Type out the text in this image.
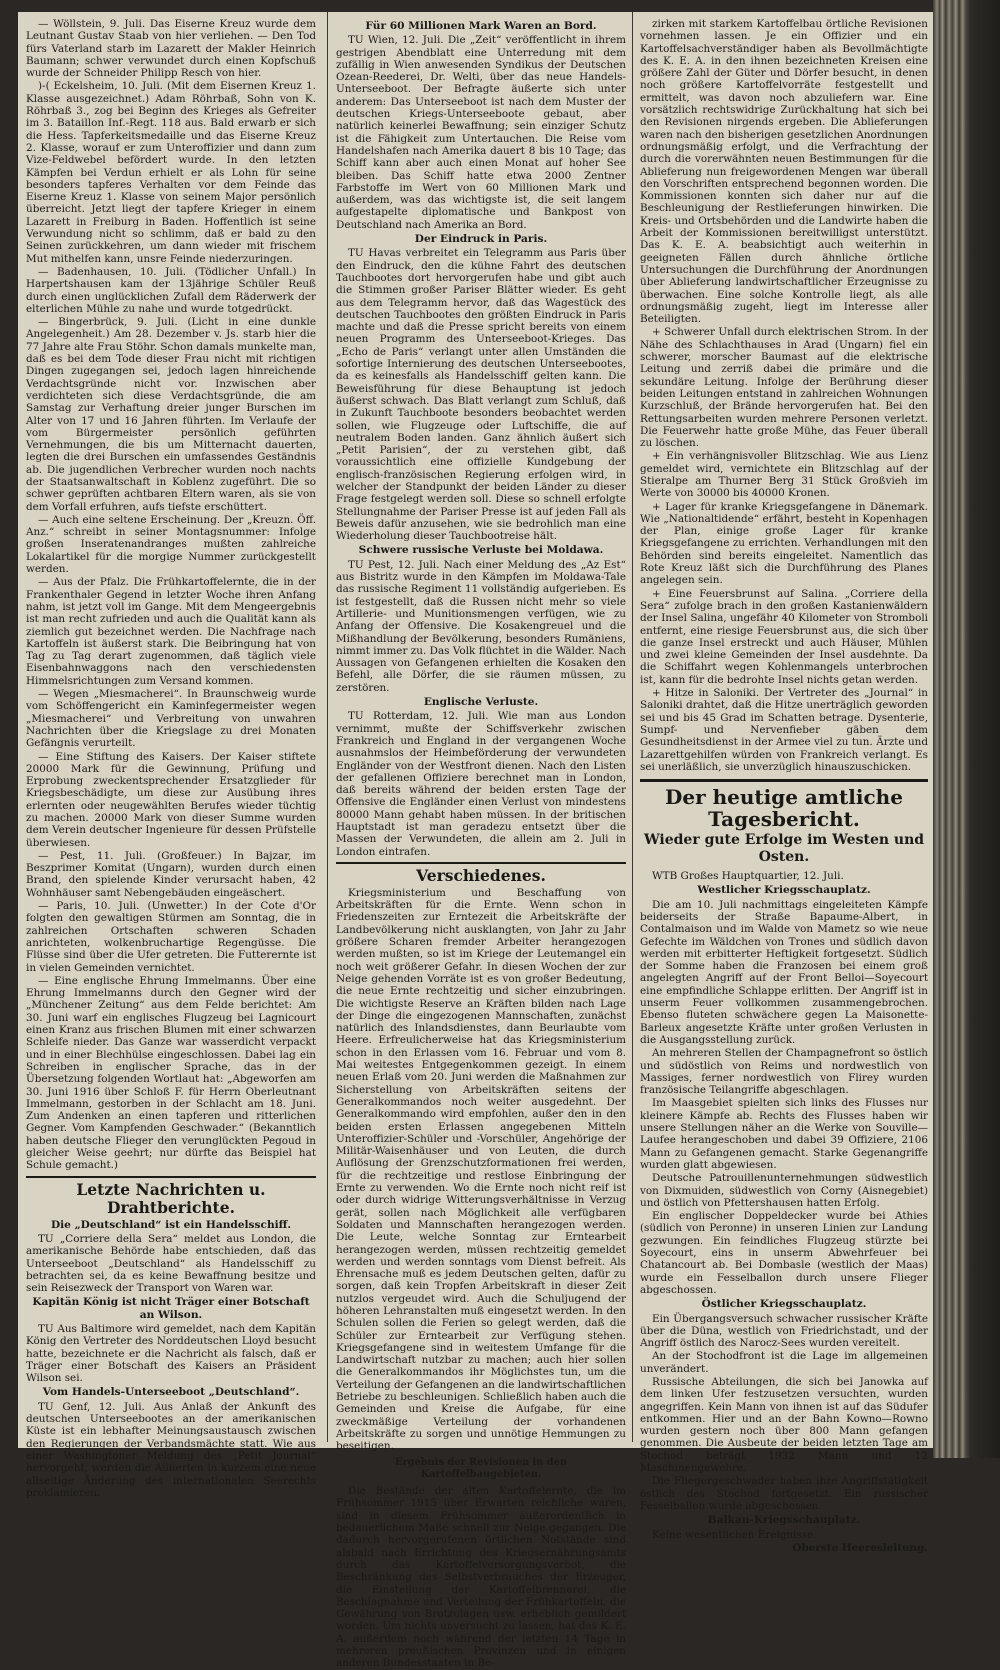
— Wöllstein, 9. Juli. Das Eiserne Kreuz wurde dem Leutnant Gustav Staab von hier verliehen. — Den Tod fürs Vaterland starb im Lazarett der Makler Heinrich Baumann; schwer verwundet durch einen Kopfschuß wurde der Schneider Philipp Resch von hier.

)-( Eckelsheim, 10. Juli. (Mit dem Eisernen Kreuz 1. Klasse ausgezeichnet.) Adam Röhrbaß, Sohn von K. Röhrbaß 3., zog bei Beginn des Krieges als Gefreiter im 3. Bataillon Inf.-Regt. 118 aus. Bald erwarb er sich die Hess. Tapferkeitsmedaille und das Eiserne Kreuz 2. Klasse, worauf er zum Unteroffizier und dann zum Vize-Feldwebel befördert wurde. In den letzten Kämpfen bei Verdun erhielt er als Lohn für seine besonders tapferes Verhalten vor dem Feinde das Eiserne Kreuz 1. Klasse von seinem Major persönlich überreicht. Jetzt liegt der tapfere Krieger in einem Lazarett in Freiburg in Baden. Hoffentlich ist seine Verwundung nicht so schlimm, daß er bald zu den Seinen zurückkehren, um dann wieder mit frischem Mut mithelfen kann, unsre Feinde niederzuringen.

— Badenhausen, 10. Juli. (Tödlicher Unfall.) In Harpertshausen kam der 13jährige Schüler Reuß durch einen unglücklichen Zufall dem Räderwerk der elterlichen Mühle zu nahe und wurde totgedrückt.

— Bingerbrück, 9. Juli. (Licht in eine dunkle Angelegenheit.) Am 28. Dezember v. Js. starb hier die 77 Jahre alte Frau Stöhr. Schon damals munkelte man, daß es bei dem Tode dieser Frau nicht mit richtigen Dingen zugegangen sei, jedoch lagen hinreichende Verdachtsgründe nicht vor. Inzwischen aber verdichteten sich diese Verdachtsgründe, die am Samstag zur Verhaftung dreier junger Burschen im Alter von 17 und 16 Jahren führten. Im Verlaufe der vom Bürgermeister persönlich geführten Vernehmungen, die bis um Mitternacht dauerten, legten die drei Burschen ein umfassendes Geständnis ab. Die jugendlichen Verbrecher wurden noch nachts der Staatsanwaltschaft in Koblenz zugeführt. Die so schwer geprüften achtbaren Eltern waren, als sie von dem Vorfall erfuhren, aufs tiefste erschüttert.

— Auch eine seltene Erscheinung. Der „Kreuzn. Öff. Anz.“ schreibt in seiner Montagsnummer: Infolge großen Inseratenandranges mußten zahlreiche Lokalartikel für die morgige Nummer zurückgestellt werden.

— Aus der Pfalz. Die Frühkartoffelernte, die in der Frankenthaler Gegend in letzter Woche ihren Anfang nahm, ist jetzt voll im Gange. Mit dem Mengeergebnis ist man recht zufrieden und auch die Qualität kann als ziemlich gut bezeichnet werden. Die Nachfrage nach Kartoffeln ist äußerst stark. Die Beibringung hat von Tag zu Tag derart zugenommen, daß täglich viele Eisenbahnwaggons nach den verschiedensten Himmelsrichtungen zum Versand kommen.

— Wegen „Miesmacherei“. In Braunschweig wurde vom Schöffengericht ein Kaminfegermeister wegen „Miesmacherei“ und Verbreitung von unwahren Nachrichten über die Kriegslage zu drei Monaten Gefängnis verurteilt.

— Eine Stiftung des Kaisers. Der Kaiser stiftete 20000 Mark für die Gewinnung, Prüfung und Erprobung zweckentsprechender Ersatzglieder für Kriegsbeschädigte, um diese zur Ausübung ihres erlernten oder neugewählten Berufes wieder tüchtig zu machen. 20000 Mark von dieser Summe wurden dem Verein deutscher Ingenieure für dessen Prüfstelle überwiesen.

— Pest, 11. Juli. (Großfeuer.) In Bajzar, im Beszprimer Komitat (Ungarn), wurden durch einen Brand, den spielende Kinder verursacht haben, 42 Wohnhäuser samt Nebengebäuden eingeäschert.

— Paris, 10. Juli. (Unwetter.) In der Cote d'Or folgten den gewaltigen Stürmen am Sonntag, die in zahlreichen Ortschaften schweren Schaden anrichteten, wolkenbruchartige Regengüsse. Die Flüsse sind über die Ufer getreten. Die Futterernte ist in vielen Gemeinden vernichtet.

— Eine englische Ehrung Immelmanns. Über eine Ehrung Immelmanns durch den Gegner wird der „Münchener Zeitung“ aus dem Felde berichtet: Am 30. Juni warf ein englisches Flugzeug bei Lagnicourt einen Kranz aus frischen Blumen mit einer schwarzen Schleife nieder. Das Ganze war wasserdicht verpackt und in einer Blechhülse eingeschlossen. Dabei lag ein Schreiben in englischer Sprache, das in der Übersetzung folgenden Wortlaut hat: „Abgeworfen am 30. Juni 1916 über Schloß F. für Herrn Oberleutnant Immelmann, gestorben in der Schlacht am 18. Juni. Zum Andenken an einen tapferen und ritterlichen Gegner. Vom Kampfenden Geschwader.“ (Bekanntlich haben deutsche Flieger den verunglückten Pegoud in gleicher Weise geehrt; nur dürfte das Beispiel hat Schule gemacht.)

Letzte Nachrichten u. Drahtberichte.
Die „Deutschland“ ist ein Handelsschiff.

TU „Corriere della Sera“ meldet aus London, die amerikanische Behörde habe entschieden, daß das Unterseeboot „Deutschland“ als Handelsschiff zu betrachten sei, da es keine Bewaffnung besitze und sein Reisezweck der Transport von Waren war.

Kapitän König ist nicht Träger einer Botschaft an Wilson.

TU Aus Baltimore wird gemeldet, nach dem Kapitän König den Vertreter des Norddeutschen Lloyd besucht hatte, bezeichnete er die Nachricht als falsch, daß er Träger einer Botschaft des Kaisers an Präsident Wilson sei.

Vom Handels-Unterseeboot „Deutschland“.

TU Genf, 12. Juli. Aus Anlaß der Ankunft des deutschen Unterseebootes an der amerikanischen Küste ist ein lebhafter Meinungsaustausch zwischen den Regierungen der Verbandsmächte statt. Wie aus einer Washingtoner Meldung des „Petit Journal“ hervorgeht, werden die Alliierten in kurzem eine neue allseitige Änderung des internationalen Seerechts proklamieren.

Für 60 Millionen Mark Waren an Bord.

TU Wien, 12. Juli. Die „Zeit“ veröffentlicht in ihrem gestrigen Abendblatt eine Unterredung mit dem zufällig in Wien anwesenden Syndikus der Deutschen Ozean-Reederei, Dr. Welti, über das neue Handels-Unterseeboot. Der Befragte äußerte sich unter anderem: Das Unterseeboot ist nach dem Muster der deutschen Kriegs-Unterseeboote gebaut, aber natürlich keinerlei Bewaffnung; sein einziger Schutz ist die Fähigkeit zum Untertauchen. Die Reise vom Handelshafen nach Amerika dauert 8 bis 10 Tage; das Schiff kann aber auch einen Monat auf hoher See bleiben. Das Schiff hatte etwa 2000 Zentner Farbstoffe im Wert von 60 Millionen Mark und außerdem, was das wichtigste ist, die seit langem aufgestapelte diplomatische und Bankpost von Deutschland nach Amerika an Bord.

Der Eindruck in Paris.

TU Havas verbreitet ein Telegramm aus Paris über den Eindruck, den die kühne Fahrt des deutschen Tauchbootes dort hervorgerufen habe und gibt auch die Stimmen großer Pariser Blätter wieder. Es geht aus dem Telegramm hervor, daß das Wagestück des deutschen Tauchbootes den größten Eindruck in Paris machte und daß die Presse spricht bereits von einem neuen Programm des Unterseeboot-Krieges. Das „Echo de Paris“ verlangt unter allen Umständen die sofortige Internierung des deutschen Unterseebootes, da es keinesfalls als Handelsschiff gelten kann. Die Beweisführung für diese Behauptung ist jedoch äußerst schwach. Das Blatt verlangt zum Schluß, daß in Zukunft Tauchboote besonders beobachtet werden sollen, wie Flugzeuge oder Luftschiffe, die auf neutralem Boden landen. Ganz ähnlich äußert sich „Petit Parisien“, der zu verstehen gibt, daß voraussichtlich eine offizielle Kundgebung der englisch-französischen Regierung erfolgen wird, in welcher der Standpunkt der beiden Länder zu dieser Frage festgelegt werden soll. Diese so schnell erfolgte Stellungnahme der Pariser Presse ist auf jeden Fall als Beweis dafür anzusehen, wie sie bedrohlich man eine Wiederholung dieser Tauchbootreise hält.

Schwere russische Verluste bei Moldawa.

TU Pest, 12. Juli. Nach einer Meldung des „Az Est“ aus Bistritz wurde in den Kämpfen im Moldawa-Tale das russische Regiment 11 vollständig aufgerieben. Es ist festgestellt, daß die Russen nicht mehr so viele Artillerie- und Munitionsmengen verfügen, wie zu Anfang der Offensive. Die Kosakengreuel und die Mißhandlung der Bevölkerung, besonders Rumäniens, nimmt immer zu. Das Volk flüchtet in die Wälder. Nach Aussagen von Gefangenen erhielten die Kosaken den Befehl, alle Dörfer, die sie räumen müssen, zu zerstören.

Englische Verluste.

TU Rotterdam, 12. Juli. Wie man aus London vernimmt, mußte der Schiffsverkehr zwischen Frankreich und England in der vergangenen Woche ausnahmslos der Heimbeförderung der verwundeten Engländer von der Westfront dienen. Nach den Listen der gefallenen Offiziere berechnet man in London, daß bereits während der beiden ersten Tage der Offensive die Engländer einen Verlust von mindestens 80000 Mann gehabt haben müssen. In der britischen Hauptstadt ist man geradezu entsetzt über die Massen der Verwundeten, die allein am 2. Juli in London eintrafen.

Verschiedenes.

Kriegsministerium und Beschaffung von Arbeitskräften für die Ernte. Wenn schon in Friedenszeiten zur Erntezeit die Arbeitskräfte der Landbevölkerung nicht ausklangten, von Jahr zu Jahr größere Scharen fremder Arbeiter herangezogen werden mußten, so ist im Kriege der Leutemangel ein noch weit größerer Gefahr. In diesen Wochen der zur Neige gehenden Vorräte ist es von großer Bedeutung, die neue Ernte rechtzeitig und sicher einzubringen. Die wichtigste Reserve an Kräften bilden nach Lage der Dinge die eingezogenen Mannschaften, zunächst natürlich des Inlandsdienstes, dann Beurlaubte vom Heere. Erfreulicherweise hat das Kriegsministerium schon in den Erlassen vom 16. Februar und vom 8. Mai weitestes Entgegenkommen gezeigt. In einem neuen Erlaß vom 20. Juni werden die Maßnahmen zur Sicherstellung von Arbeitskräften seitens der Generalkommandos noch weiter ausgedehnt. Der Generalkommando wird empfohlen, außer den in den beiden ersten Erlassen angegebenen Mitteln Unteroffizier-Schüler und -Vorschüler, Angehörige der Militär-Waisenhäuser und von Leuten, die durch Auflösung der Grenzschutzformationen frei werden, für die rechtzeitige und restlose Einbringung der Ernte zu verwenden. Wo die Ernte noch nicht reif ist oder durch widrige Witterungsverhältnisse in Verzug gerät, sollen nach Möglichkeit alle verfügbaren Soldaten und Mannschaften herangezogen werden. Die Leute, welche Sonntag zur Erntearbeit herangezogen werden, müssen rechtzeitig gemeldet werden und werden sonntags vom Dienst befreit. Als Ehrensache muß es jedem Deutschen gelten, dafür zu sorgen, daß kein Tropfen Arbeitskraft in dieser Zeit nutzlos vergeudet wird. Auch die Schuljugend der höheren Lehranstalten muß eingesetzt werden. In den Schulen sollen die Ferien so gelegt werden, daß die Schüler zur Erntearbeit zur Verfügung stehen. Kriegsgefangene sind in weitestem Umfange für die Landwirtschaft nutzbar zu machen; auch hier sollen die Generalkommandos ihr Möglichstes tun, um die Verteilung der Gefangenen an die landwirtschaftlichen Betriebe zu beschleunigen. Schließlich haben auch die Gemeinden und Kreise die Aufgabe, für eine zweckmäßige Verteilung der vorhandenen Arbeitskräfte zu sorgen und unnötige Hemmungen zu beseitigen.

Ergebnis der Revisionen in den Kartoffelbaugebieten.

Die Bestände der alten Kartoffelernte, die im Frühsommer 1915 über Erwarten reichliche waren, sind in diesem Frühsommer außerordentlich in bedauerlichem Maße schnell zur Neige gegangen. Die dadurch hervorgerufenen örtlichen Notstände sind alsbald nach Errichtung des Kriegsernährungsamts durch das Kartoffelversorgungsverbot, die Beschränkung des Selbstverbrauches der Erzeuger, die Einstellung der Kartoffelbrennerei, die Beschlagnahme und Verteilung der Frühkartoffeln, die Gewährung von Brotzulagen usw. erheblich gemildert worden. Um nichts unversucht zu lassen, hat das K. E. A. außerdem noch während der letzten 14 Tage in mehreren preußischen Provinzen und in einigen anderen Bundesstaaten in Be-

zirken mit starkem Kartoffelbau örtliche Revisionen vornehmen lassen. Je ein Offizier und ein Kartoffelsachverständiger haben als Bevollmächtigte des K. E. A. in den ihnen bezeichneten Kreisen eine größere Zahl der Güter und Dörfer besucht, in denen noch größere Kartoffelvorräte festgestellt und ermittelt, was davon noch abzuliefern war. Eine vorsätzlich rechtswidrige Zurückhaltung hat sich bei den Revisionen nirgends ergeben. Die Ablieferungen waren nach den bisherigen gesetzlichen Anordnungen ordnungsmäßig erfolgt, und die Verfrachtung der durch die vorerwähnten neuen Bestimmungen für die Ablieferung nun freigewordenen Mengen war überall den Vorschriften entsprechend begonnen worden. Die Kommissionen konnten sich daher nur auf die Beschleunigung der Restlieferungen hinwirken. Die Kreis- und Ortsbehörden und die Landwirte haben die Arbeit der Kommissionen bereitwilligst unterstützt. Das K. E. A. beabsichtigt auch weiterhin in geeigneten Fällen durch ähnliche örtliche Untersuchungen die Durchführung der Anordnungen über Ablieferung landwirtschaftlicher Erzeugnisse zu überwachen. Eine solche Kontrolle liegt, als alle ordnungsmäßig zugeht, liegt im Interesse aller Beteiligten.

+ Schwerer Unfall durch elektrischen Strom. In der Nähe des Schlachthauses in Arad (Ungarn) fiel ein schwerer, morscher Baumast auf die elektrische Leitung und zerriß dabei die primäre und die sekundäre Leitung. Infolge der Berührung dieser beiden Leitungen entstand in zahlreichen Wohnungen Kurzschluß, der Brände hervorgerufen hat. Bei den Rettungsarbeiten wurden mehrere Personen verletzt. Die Feuerwehr hatte große Mühe, das Feuer überall zu löschen.

+ Ein verhängnisvoller Blitzschlag. Wie aus Lienz gemeldet wird, vernichtete ein Blitzschlag auf der Stieralpe am Thurner Berg 31 Stück Großvieh im Werte von 30000 bis 40000 Kronen.

+ Lager für kranke Kriegsgefangene in Dänemark. Wie „Nationaltidende“ erfährt, besteht in Kopenhagen der Plan, einige große Lager für kranke Kriegsgefangene zu errichten. Verhandlungen mit den Behörden sind bereits eingeleitet. Namentlich das Rote Kreuz läßt sich die Durchführung des Planes angelegen sein.

+ Eine Feuersbrunst auf Salina. „Corriere della Sera“ zufolge brach in den großen Kastanienwäldern der Insel Salina, ungefähr 40 Kilometer von Stromboli entfernt, eine riesige Feuersbrunst aus, die sich über die ganze Insel erstreckt und auch Häuser, Mühlen und zwei kleine Gemeinden der Insel ausdehnte. Da die Schiffahrt wegen Kohlenmangels unterbrochen ist, kann für die bedrohte Insel nichts getan werden.

+ Hitze in Saloniki. Der Vertreter des „Journal“ in Saloniki drahtet, daß die Hitze unerträglich geworden sei und bis 45 Grad im Schatten betrage. Dysenterie, Sumpf- und Nervenfieber gäben dem Gesundheitsdienst in der Armee viel zu tun. Ärzte und Lazarettgehilfen würden von Frankreich verlangt. Es sei unerläßlich, sie unverzüglich hinauszuschicken.

Der heutige amtliche Tagesbericht.
Wieder gute Erfolge im Westen und Osten.

WTB Großes Hauptquartier, 12. Juli.

Westlicher Kriegsschauplatz.

Die am 10. Juli nachmittags eingeleiteten Kämpfe beiderseits der Straße Bapaume-Albert, in Contalmaison und im Walde von Mametz so wie neue Gefechte im Wäldchen von Trones und südlich davon werden mit erbitterter Heftigkeit fortgesetzt. Südlich der Somme haben die Franzosen bei einem groß angelegten Angriff auf der Front Belloi—Soyecourt eine empfindliche Schlappe erlitten. Der Angriff ist in unserm Feuer vollkommen zusammengebrochen. Ebenso fluteten schwächere gegen La Maisonette-Barleux angesetzte Kräfte unter großen Verlusten in die Ausgangsstellung zurück.

An mehreren Stellen der Champagnefront so östlich und südöstlich von Reims und nordwestlich von Massiges, ferner nordwestlich von Flirey wurden französische Teilangriffe abgeschlagen.

Im Maasgebiet spielten sich links des Flusses nur kleinere Kämpfe ab. Rechts des Flusses haben wir unsere Stellungen näher an die Werke von Souville—Laufee herangeschoben und dabei 39 Offiziere, 2106 Mann zu Gefangenen gemacht. Starke Gegenangriffe wurden glatt abgewiesen.

Deutsche Patrouillenunternehmungen südwestlich von Dixmuiden, südwestlich von Corny (Aisnegebiet) und östlich von Pfettershausen hatten Erfolg.

Ein englischer Doppeldecker wurde bei Athies (südlich von Peronne) in unseren Linien zur Landung gezwungen. Ein feindliches Flugzeug stürzte bei Soyecourt, eins in unserm Abwehrfeuer bei Chatancourt ab. Bei Dombasle (westlich der Maas) wurde ein Fesselballon durch unsere Flieger abgeschossen.

Östlicher Kriegsschauplatz.

Ein Übergangsversuch schwacher russischer Kräfte über die Düna, westlich von Friedrichstadt, und der Angriff östlich des Narocz-Sees wurden vereitelt.

An der Stochodfront ist die Lage im allgemeinen unverändert.

Russische Abteilungen, die sich bei Janowka auf dem linken Ufer festzusetzen versuchten, wurden angegriffen. Kein Mann von ihnen ist auf das Südufer entkommen. Hier und an der Bahn Kowno—Rowno wurden gestern noch über 800 Mann gefangen genommen. Die Ausbeute der beiden letzten Tage am Stochod beträgt 1932 Mann und 12 Maschinengewehre.

Die Fliegergeschwader haben ihre Angriffstätigkeit östlich des Stochod fortgesetzt. Ein russischer Fesselballon wurde abgeschossen.

Balkan-Kriegsschauplatz.

Keine wesentlichen Ereignisse.

Oberste Heeresleitung.
